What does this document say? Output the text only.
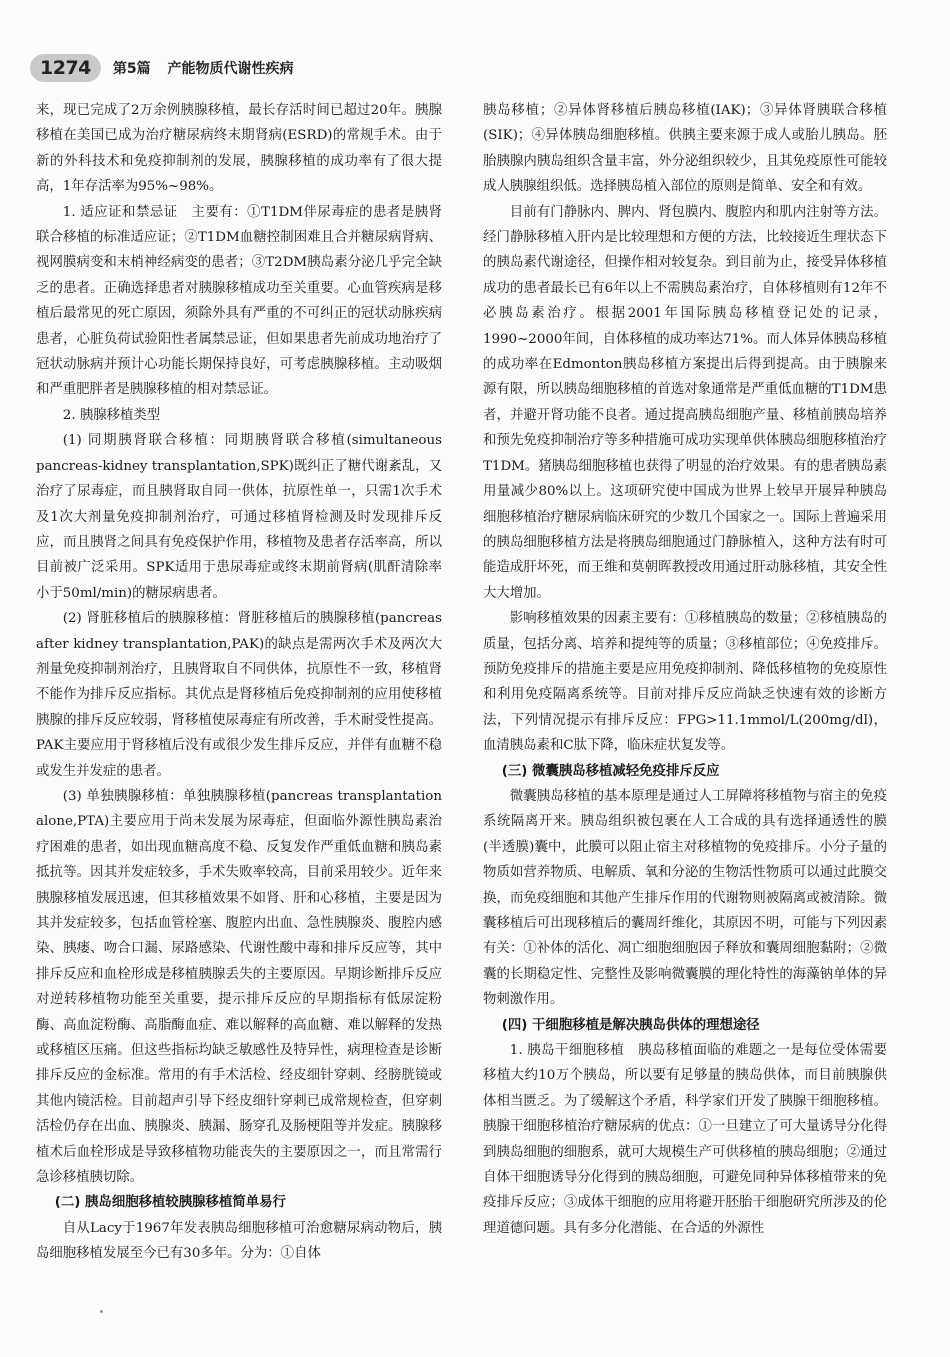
1274	第5篇 产能物质代谢性疾病

来，现已完成了2万余例胰腺移植，最长存活时间已超过20年。胰腺移植在美国已成为治疗糖尿病终末期肾病(ESRD)的常规手术。由于新的外科技术和免疫抑制剂的发展，胰腺移植的成功率有了很大提高，1年存活率为95%~98%。

1. 适应证和禁忌证　主要有：①T1DM伴尿毒症的患者是胰肾联合移植的标准适应证；②T1DM血糖控制困难且合并糖尿病肾病、视网膜病变和末梢神经病变的患者；③T2DM胰岛素分泌几乎完全缺乏的患者。正确选择患者对胰腺移植成功至关重要。心血管疾病是移植后最常见的死亡原因，须除外具有严重的不可纠正的冠状动脉疾病患者，心脏负荷试验阳性者属禁忌证，但如果患者先前成功地治疗了冠状动脉病并预计心功能长期保持良好，可考虑胰腺移植。主动吸烟和严重肥胖者是胰腺移植的相对禁忌证。

2. 胰腺移植类型

(1) 同期胰肾联合移植：同期胰肾联合移植(simultaneous pancreas-kidney transplantation,SPK)既纠正了糖代谢紊乱，又治疗了尿毒症，而且胰肾取自同一供体，抗原性单一，只需1次手术及1次大剂量免疫抑制剂治疗，可通过移植肾检测及时发现排斥反应，而且胰肾之间具有免疫保护作用，移植物及患者存活率高，所以目前被广泛采用。SPK适用于患尿毒症或终末期前肾病(肌酐清除率小于50ml/min)的糖尿病患者。

(2) 肾脏移植后的胰腺移植：肾脏移植后的胰腺移植(pancreas after kidney transplantation,PAK)的缺点是需两次手术及两次大剂量免疫抑制剂治疗，且胰肾取自不同供体，抗原性不一致，移植肾不能作为排斥反应指标。其优点是肾移植后免疫抑制剂的应用使移植胰腺的排斥反应较弱，肾移植使尿毒症有所改善，手术耐受性提高。PAK主要应用于肾移植后没有或很少发生排斥反应，并伴有血糖不稳或发生并发症的患者。

(3) 单独胰腺移植：单独胰腺移植(pancreas transplantation alone,PTA)主要应用于尚未发展为尿毒症，但面临外源性胰岛素治疗困难的患者，如出现血糖高度不稳、反复发作严重低血糖和胰岛素抵抗等。因其并发症较多，手术失败率较高，目前采用较少。近年来胰腺移植发展迅速，但其移植效果不如肾、肝和心移植，主要是因为其并发症较多，包括血管栓塞、腹腔内出血、急性胰腺炎、腹腔内感染、胰瘘、吻合口漏、尿路感染、代谢性酸中毒和排斥反应等，其中排斥反应和血栓形成是移植胰腺丢失的主要原因。早期诊断排斥反应对逆转移植物功能至关重要，提示排斥反应的早期指标有低尿淀粉酶、高血淀粉酶、高脂酶血症、难以解释的高血糖、难以解释的发热或移植区压痛。但这些指标均缺乏敏感性及特异性，病理检查是诊断排斥反应的金标准。常用的有手术活检、经皮细针穿刺、经膀胱镜或其他内镜活检。目前超声引导下经皮细针穿刺已成常规检查，但穿刺活检仍存在出血、胰腺炎、胰漏、肠穿孔及肠梗阻等并发症。胰腺移植术后血栓形成是导致移植物功能丧失的主要原因之一，而且常需行急诊移植胰切除。

(二) 胰岛细胞移植较胰腺移植简单易行

自从Lacy于1967年发表胰岛细胞移植可治愈糖尿病动物后，胰岛细胞移植发展至今已有30多年。分为：①自体

胰岛移植；②异体肾移植后胰岛移植(IAK)；③异体肾胰联合移植(SIK)；④异体胰岛细胞移植。供胰主要来源于成人或胎儿胰岛。胚胎胰腺内胰岛组织含量丰富，外分泌组织较少，且其免疫原性可能较成人胰腺组织低。选择胰岛植入部位的原则是简单、安全和有效。

目前有门静脉内、脾内、肾包膜内、腹腔内和肌内注射等方法。经门静脉移植入肝内是比较理想和方便的方法，比较接近生理状态下的胰岛素代谢途径，但操作相对较复杂。到目前为止，接受异体移植成功的患者最长已有6年以上不需胰岛素治疗，自体移植则有12年不必胰岛素治疗。根据2001年国际胰岛移植登记处的记录，1990~2000年间，自体移植的成功率达71%。而人体异体胰岛移植的成功率在Edmonton胰岛移植方案提出后得到提高。由于胰腺来源有限，所以胰岛细胞移植的首选对象通常是严重低血糖的T1DM患者，并避开肾功能不良者。通过提高胰岛细胞产量、移植前胰岛培养和预先免疫抑制治疗等多种措施可成功实现单供体胰岛细胞移植治疗T1DM。猪胰岛细胞移植也获得了明显的治疗效果。有的患者胰岛素用量减少80%以上。这项研究使中国成为世界上较早开展异种胰岛细胞移植治疗糖尿病临床研究的少数几个国家之一。国际上普遍采用的胰岛细胞移植方法是将胰岛细胞通过门静脉植入，这种方法有时可能造成肝坏死，而王维和莫朝晖教授改用通过肝动脉移植，其安全性大大增加。

影响移植效果的因素主要有：①移植胰岛的数量；②移植胰岛的质量，包括分离、培养和提纯等的质量；③移植部位；④免疫排斥。预防免疫排斥的措施主要是应用免疫抑制剂、降低移植物的免疫原性和利用免疫隔离系统等。目前对排斥反应尚缺乏快速有效的诊断方法，下列情况提示有排斥反应：FPG>11.1mmol/L(200mg/dl)，血清胰岛素和C肽下降，临床症状复发等。

(三) 微囊胰岛移植减轻免疫排斥反应

微囊胰岛移植的基本原理是通过人工屏障将移植物与宿主的免疫系统隔离开来。胰岛组织被包裹在人工合成的具有选择通透性的膜(半透膜)囊中，此膜可以阻止宿主对移植物的免疫排斥。小分子量的物质如营养物质、电解质、氧和分泌的生物活性物质可以通过此膜交换，而免疫细胞和其他产生排斥作用的代谢物则被隔离或被清除。微囊移植后可出现移植后的囊周纤维化，其原因不明，可能与下列因素有关：①补体的活化、凋亡细胞细胞因子释放和囊周细胞黏附；②微囊的长期稳定性、完整性及影响微囊膜的理化特性的海藻钠单体的异物刺激作用。

(四) 干细胞移植是解决胰岛供体的理想途径

1. 胰岛干细胞移植　胰岛移植面临的难题之一是每位受体需要移植大约10万个胰岛，所以要有足够量的胰岛供体，而目前胰腺供体相当匮乏。为了缓解这个矛盾，科学家们开发了胰腺干细胞移植。胰腺干细胞移植治疗糖尿病的优点：①一旦建立了可大量诱导分化得到胰岛细胞的细胞系，就可大规模生产可供移植的胰岛细胞；②通过自体干细胞诱导分化得到的胰岛细胞，可避免同种异体移植带来的免疫排斥反应；③成体干细胞的应用将避开胚胎干细胞研究所涉及的伦理道德问题。具有多分化潜能、在合适的外源性
